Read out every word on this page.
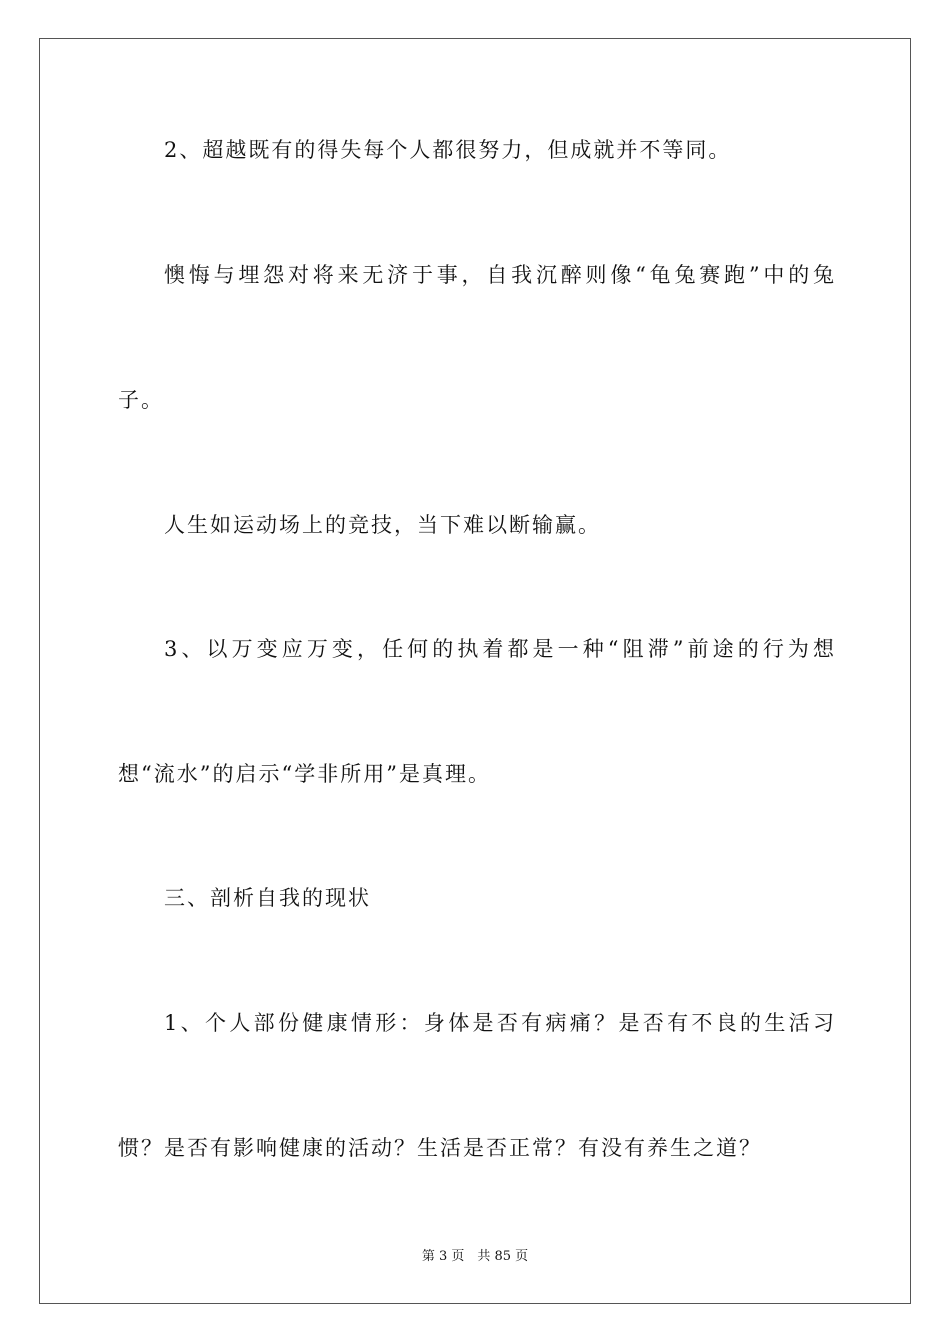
2、超越既有的得失每个人都很努力，但成就并不等同。
懊悔与埋怨对将来无济于事，自我沉醉则像“龟兔赛跑”中的兔
子。
人生如运动场上的竞技，当下难以断输赢。
3、以万变应万变，任何的执着都是一种“阻滞”前途的行为想
想“流水”的启示“学非所用”是真理。
三、剖析自我的现状
1、个人部份健康情形：身体是否有病痛？是否有不良的生活习
惯？是否有影响健康的活动？生活是否正常？有没有养生之道？
第 3 页　共 85 页
